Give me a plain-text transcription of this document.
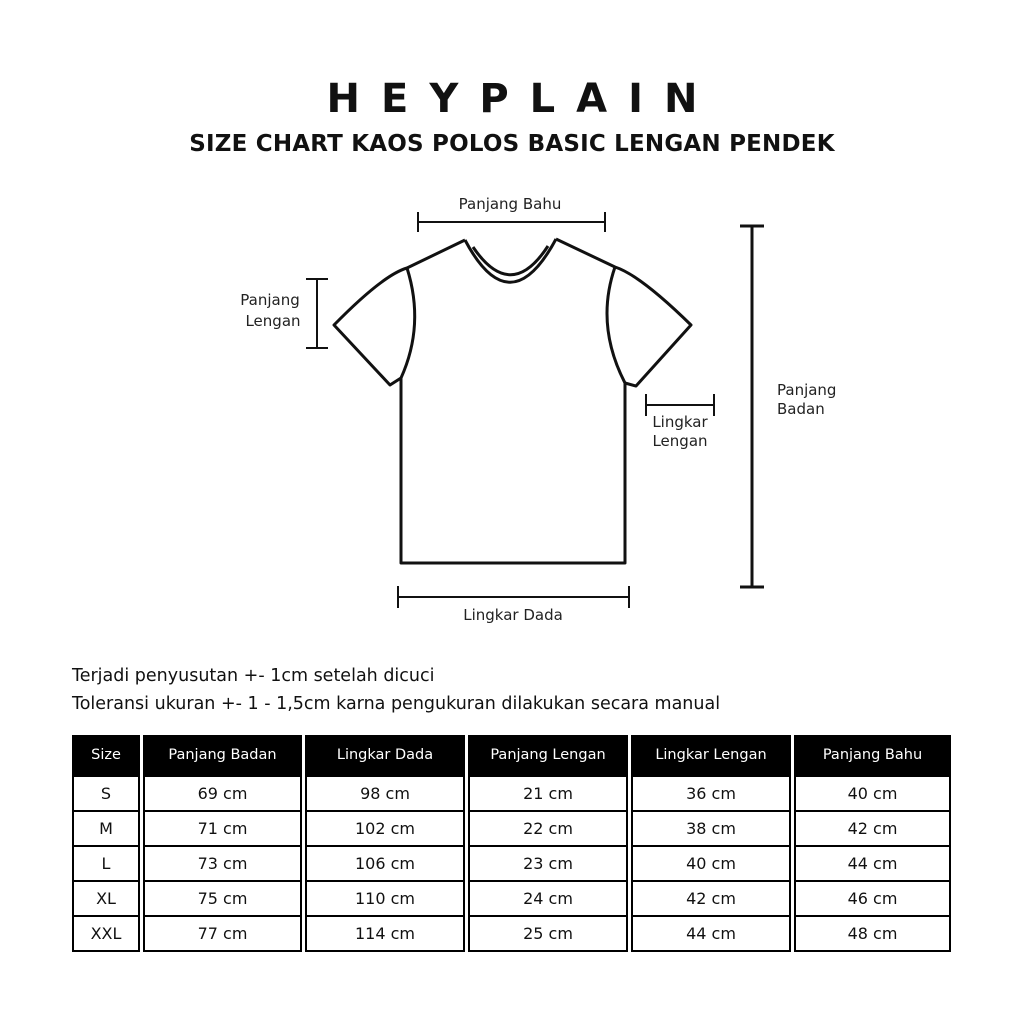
HEYPLAIN
SIZE CHART KAOS POLOS BASIC LENGAN PENDEK
Panjang Bahu
Panjang
Lengan
Lingkar
Lengan
Panjang
Badan
Lingkar Dada
Terjadi penyusutan +- 1cm setelah dicuci
Toleransi ukuran +- 1 - 1,5cm karna pengukuran dilakukan secara manual
Size	Panjang Badan	Lingkar Dada	Panjang Lengan	Lingkar Lengan	Panjang Bahu
S	69 cm	98 cm	21 cm	36 cm	40 cm
M	71 cm	102 cm	22 cm	38 cm	42 cm
L	73 cm	106 cm	23 cm	40 cm	44 cm
XL	75 cm	110 cm	24 cm	42 cm	46 cm
XXL	77 cm	114 cm	25 cm	44 cm	48 cm
